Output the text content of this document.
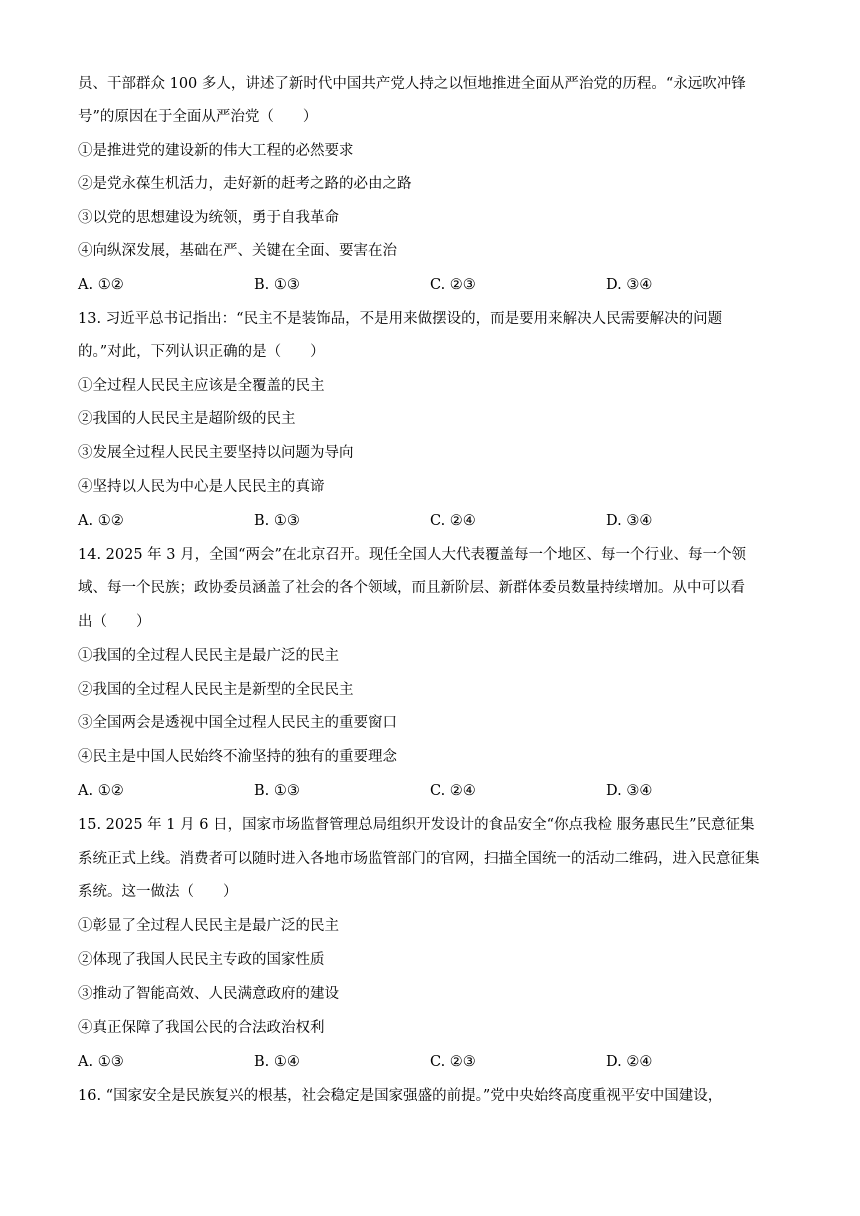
员、干部群众 100 多人，讲述了新时代中国共产党人持之以恒地推进全面从严治党的历程。“永远吹冲锋
号”的原因在于全面从严治党（　　）
①是推进党的建设新的伟大工程的必然要求
②是党永葆生机活力，走好新的赶考之路的必由之路
③以党的思想建设为统领，勇于自我革命
④向纵深发展，基础在严、关键在全面、要害在治
A. ①②	B. ①③	C. ②③	D. ③④
13. 习近平总书记指出：“民主不是装饰品，不是用来做摆设的，而是要用来解决人民需要解决的问题
的。”对此，下列认识正确的是（　　）
①全过程人民民主应该是全覆盖的民主
②我国的人民民主是超阶级的民主
③发展全过程人民民主要坚持以问题为导向
④坚持以人民为中心是人民民主的真谛
A. ①②	B. ①③	C. ②④	D. ③④
14. 2025 年 3 月，全国“两会”在北京召开。现任全国人大代表覆盖每一个地区、每一个行业、每一个领
域、每一个民族；政协委员涵盖了社会的各个领域，而且新阶层、新群体委员数量持续增加。从中可以看
出（　　）
①我国的全过程人民民主是最广泛的民主
②我国的全过程人民民主是新型的全民民主
③全国两会是透视中国全过程人民民主的重要窗口
④民主是中国人民始终不渝坚持的独有的重要理念
A. ①②	B. ①③	C. ②④	D. ③④
15. 2025 年 1 月 6 日，国家市场监督管理总局组织开发设计的食品安全“你点我检 服务惠民生”民意征集
系统正式上线。消费者可以随时进入各地市场监管部门的官网，扫描全国统一的活动二维码，进入民意征集
系统。这一做法（　　）
①彰显了全过程人民民主是最广泛的民主
②体现了我国人民民主专政的国家性质
③推动了智能高效、人民满意政府的建设
④真正保障了我国公民的合法政治权利
A. ①③	B. ①④	C. ②③	D. ②④
16. “国家安全是民族复兴的根基，社会稳定是国家强盛的前提。”党中央始终高度重视平安中国建设，
